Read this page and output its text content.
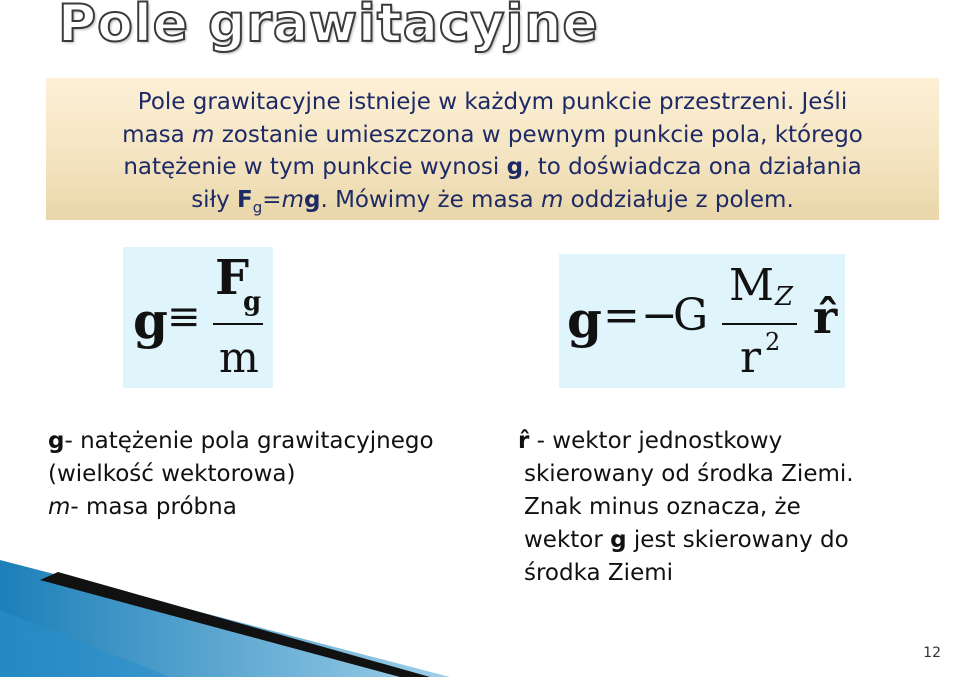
Pole grawitacyjne
Pole grawitacyjne istnieje w każdym punkcie przestrzeni. Jeśli
masa m zostanie umieszczona w pewnym punkcie pola, którego
natężenie w tym punkcie wynosi g, to doświadcza ona działania
siły $F_g=mg$. Mówimy że masa m oddziałuje z polem.
g ≡
F
g
m
g = −
G
M Z
r 2 r̂
g- natężenie pola grawitacyjnego
(wielkość wektorowa)
m- masa próbna
r̂ - wektor jednostkowy
skierowany od środka Ziemi.
Znak minus oznacza, że
wektor g jest skierowany do
środka Ziemi
12
